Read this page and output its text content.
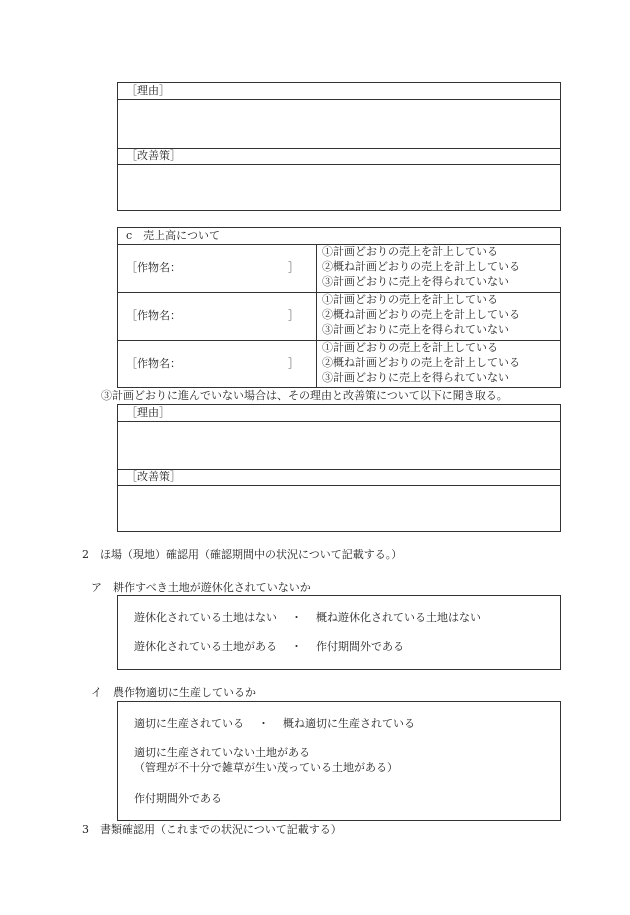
［理由］
［改善策］
c　売上高について
［作物名：	］
①計画どおりの売上を計上している
②概ね計画どおりの売上を計上している
③計画どおりに売上を得られていない
［作物名：	］
①計画どおりの売上を計上している
②概ね計画どおりの売上を計上している
③計画どおりに売上を得られていない
［作物名：	］
①計画どおりの売上を計上している
②概ね計画どおりの売上を計上している
③計画どおりに売上を得られていない
③計画どおりに進んでいない場合は、その理由と改善策について以下に聞き取る。
［理由］
［改善策］
2　ほ場（現地）確認用（確認期間中の状況について記載する。）
ア　耕作すべき土地が遊休化されていないか
遊休化されている土地はない ・ 概ね遊休化されている土地はない
遊休化されている土地がある ・ 作付期間外である
イ　農作物適切に生産しているか
適切に生産されている ・ 概ね適切に生産されている
適切に生産されていない土地がある
（管理が不十分で雑草が生い茂っている土地がある）
作付期間外である
3　書類確認用（これまでの状況について記載する）
